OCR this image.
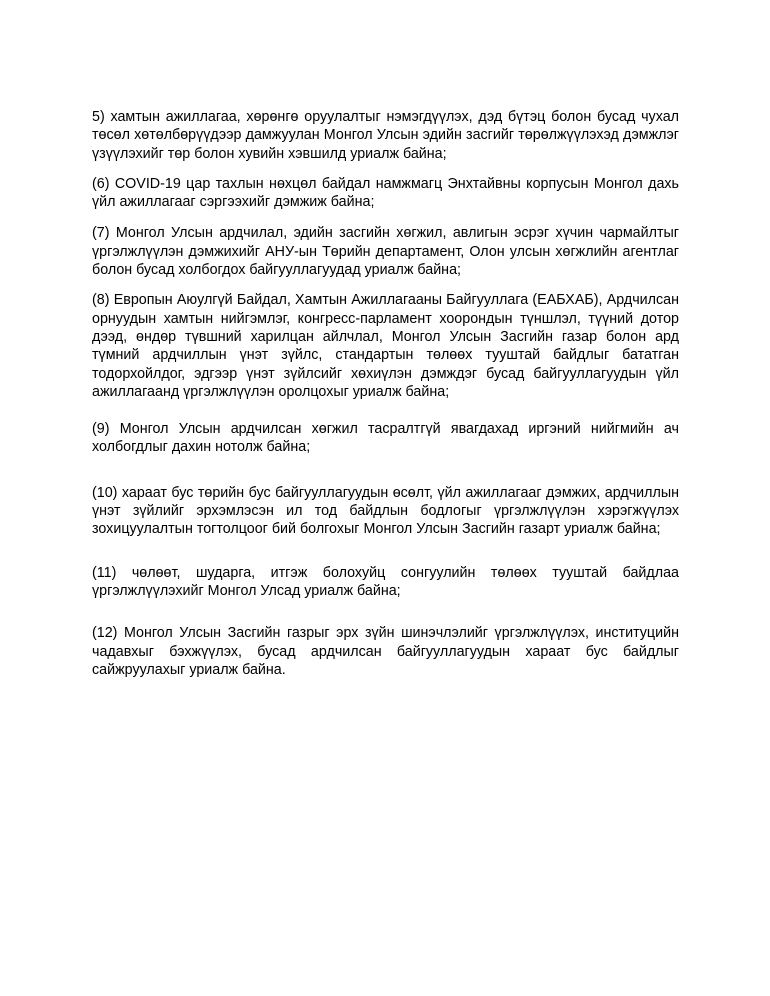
5) хамтын ажиллагаа, хөрөнгө оруулалтыг нэмэгдүүлэх, дэд бүтэц болон бусад чухал төсөл хөтөлбөрүүдээр дамжуулан Монгол Улсын эдийн засгийг төрөлжүүлэхэд дэмжлэг үзүүлэхийг төр болон хувийн хэвшилд уриалж байна;

(6) COVID-19 цар тахлын нөхцөл байдал намжмагц Энхтайвны корпусын Монгол дахь үйл ажиллагааг сэргээхийг дэмжиж байна;

(7) Монгол Улсын ардчилал, эдийн засгийн хөгжил, авлигын эсрэг хүчин чармайлтыг үргэлжлүүлэн дэмжихийг АНУ-ын Төрийн департамент, Олон улсын хөгжлийн агентлаг болон бусад холбогдох байгууллагуудад уриалж байна;

(8) Европын Аюулгүй Байдал, Хамтын Ажиллагааны Байгууллага (ЕАБХАБ), Ардчилсан орнуудын хамтын нийгэмлэг, конгресс-парламент хоорондын түншлэл, түүний дотор дээд, өндөр түвшний харилцан айлчлал, Монгол Улсын Засгийн газар болон ард түмний ардчиллын үнэт зүйлс, стандартын төлөөх тууштай байдлыг бататган тодорхойлдог, эдгээр үнэт зүйлсийг хөхиүлэн дэмждэг бусад байгууллагуудын үйл ажиллагаанд үргэлжлүүлэн оролцохыг уриалж байна;

(9) Монгол Улсын ардчилсан хөгжил тасралтгүй явагдахад иргэний нийгмийн ач холбогдлыг дахин нотолж байна;

(10) хараат бус төрийн бус байгууллагуудын өсөлт, үйл ажиллагааг дэмжих, ардчиллын үнэт зүйлийг эрхэмлэсэн ил тод байдлын бодлогыг үргэлжлүүлэн хэрэгжүүлэх зохицуулалтын тогтолцоог бий болгохыг Монгол Улсын Засгийн газарт уриалж байна;

(11) чөлөөт, шударга, итгэж болохуйц сонгуулийн төлөөх тууштай байдлаа үргэлжлүүлэхийг Монгол Улсад уриалж байна;

(12) Монгол Улсын Засгийн газрыг эрх зүйн шинэчлэлийг үргэлжлүүлэх, институцийн чадавхыг бэхжүүлэх, бусад ардчилсан байгууллагуудын хараат бус байдлыг сайжруулахыг уриалж байна.
